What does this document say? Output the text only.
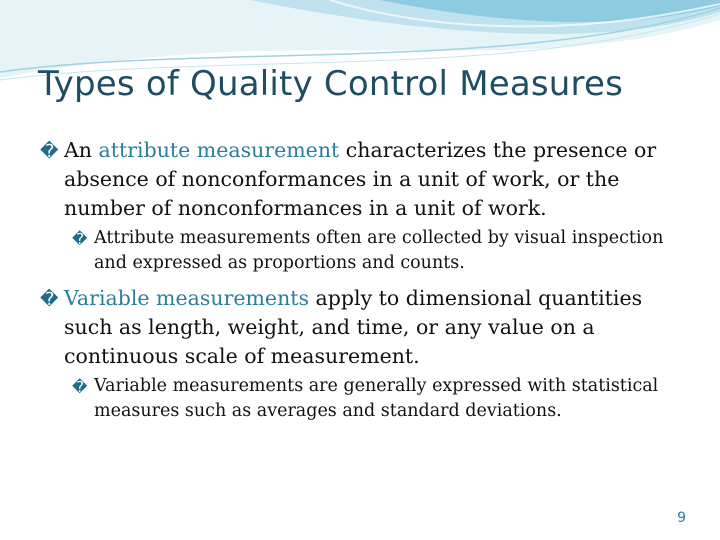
Types of Quality Control Measures
� An attribute measurement characterizes the presence or absence of nonconformances in a unit of work, or the number of nonconformances in a unit of work.
� Attribute measurements often are collected by visual inspection and expressed as proportions and counts.
� Variable measurements apply to dimensional quantities such as length, weight, and time, or any value on a continuous scale of measurement.
� Variable measurements are generally expressed with statistical measures such as averages and standard deviations.
9
